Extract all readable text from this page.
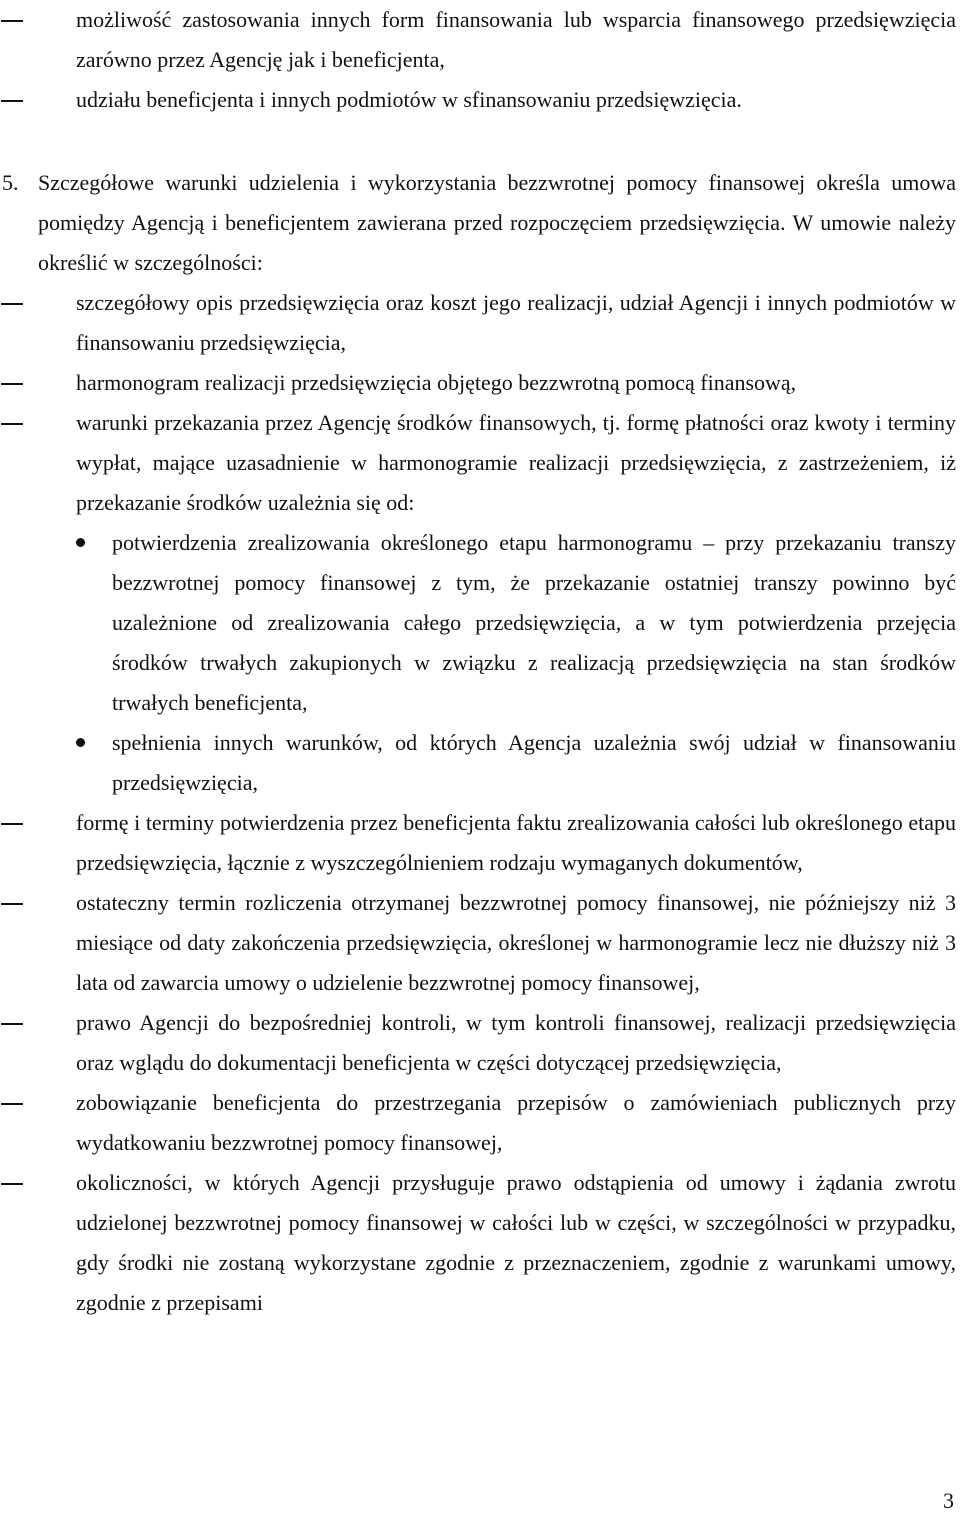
możliwość zastosowania innych form finansowania lub wsparcia finansowego przedsięwzięcia zarówno przez Agencję jak i beneficjenta,
udziału beneficjenta i innych podmiotów w sfinansowaniu przedsięwzięcia.
5. Szczegółowe warunki udzielenia i wykorzystania bezzwrotnej pomocy finansowej określa umowa pomiędzy Agencją i beneficjentem zawierana przed rozpoczęciem przedsięwzięcia. W umowie należy określić w szczególności:
szczegółowy opis przedsięwzięcia oraz koszt jego realizacji, udział Agencji i innych podmiotów w finansowaniu przedsięwzięcia,
harmonogram realizacji przedsięwzięcia objętego bezzwrotną pomocą finansową,
warunki przekazania przez Agencję środków finansowych, tj. formę płatności oraz kwoty i terminy wypłat, mające uzasadnienie w harmonogramie realizacji przedsięwzięcia, z zastrzeżeniem, iż przekazanie środków uzależnia się od:
potwierdzenia zrealizowania określonego etapu harmonogramu – przy przekazaniu transzy bezzwrotnej pomocy finansowej z tym, że przekazanie ostatniej transzy powinno być uzależnione od zrealizowania całego przedsięwzięcia, a w tym potwierdzenia przejęcia środków trwałych zakupionych w związku z realizacją przedsięwzięcia na stan środków trwałych beneficjenta,
spełnienia innych warunków, od których Agencja uzależnia swój udział w finansowaniu przedsięwzięcia,
formę i terminy potwierdzenia przez beneficjenta faktu zrealizowania całości lub określonego etapu przedsięwzięcia, łącznie z wyszczególnieniem rodzaju wymaganych dokumentów,
ostateczny termin rozliczenia otrzymanej bezzwrotnej pomocy finansowej, nie późniejszy niż 3 miesiące od daty zakończenia przedsięwzięcia, określonej w harmonogramie lecz nie dłuższy niż 3 lata od zawarcia umowy o udzielenie bezzwrotnej pomocy finansowej,
prawo Agencji do bezpośredniej kontroli, w tym kontroli finansowej, realizacji przedsięwzięcia oraz wglądu do dokumentacji beneficjenta w części dotyczącej przedsięwzięcia,
zobowiązanie beneficjenta do przestrzegania przepisów o zamówieniach publicznych przy wydatkowaniu bezzwrotnej pomocy finansowej,
okoliczności, w których Agencji przysługuje prawo odstąpienia od umowy i żądania zwrotu udzielonej bezzwrotnej pomocy finansowej w całości lub w części, w szczególności w przypadku, gdy środki nie zostaną wykorzystane zgodnie z przeznaczeniem, zgodnie z warunkami umowy, zgodnie z przepisami
3
